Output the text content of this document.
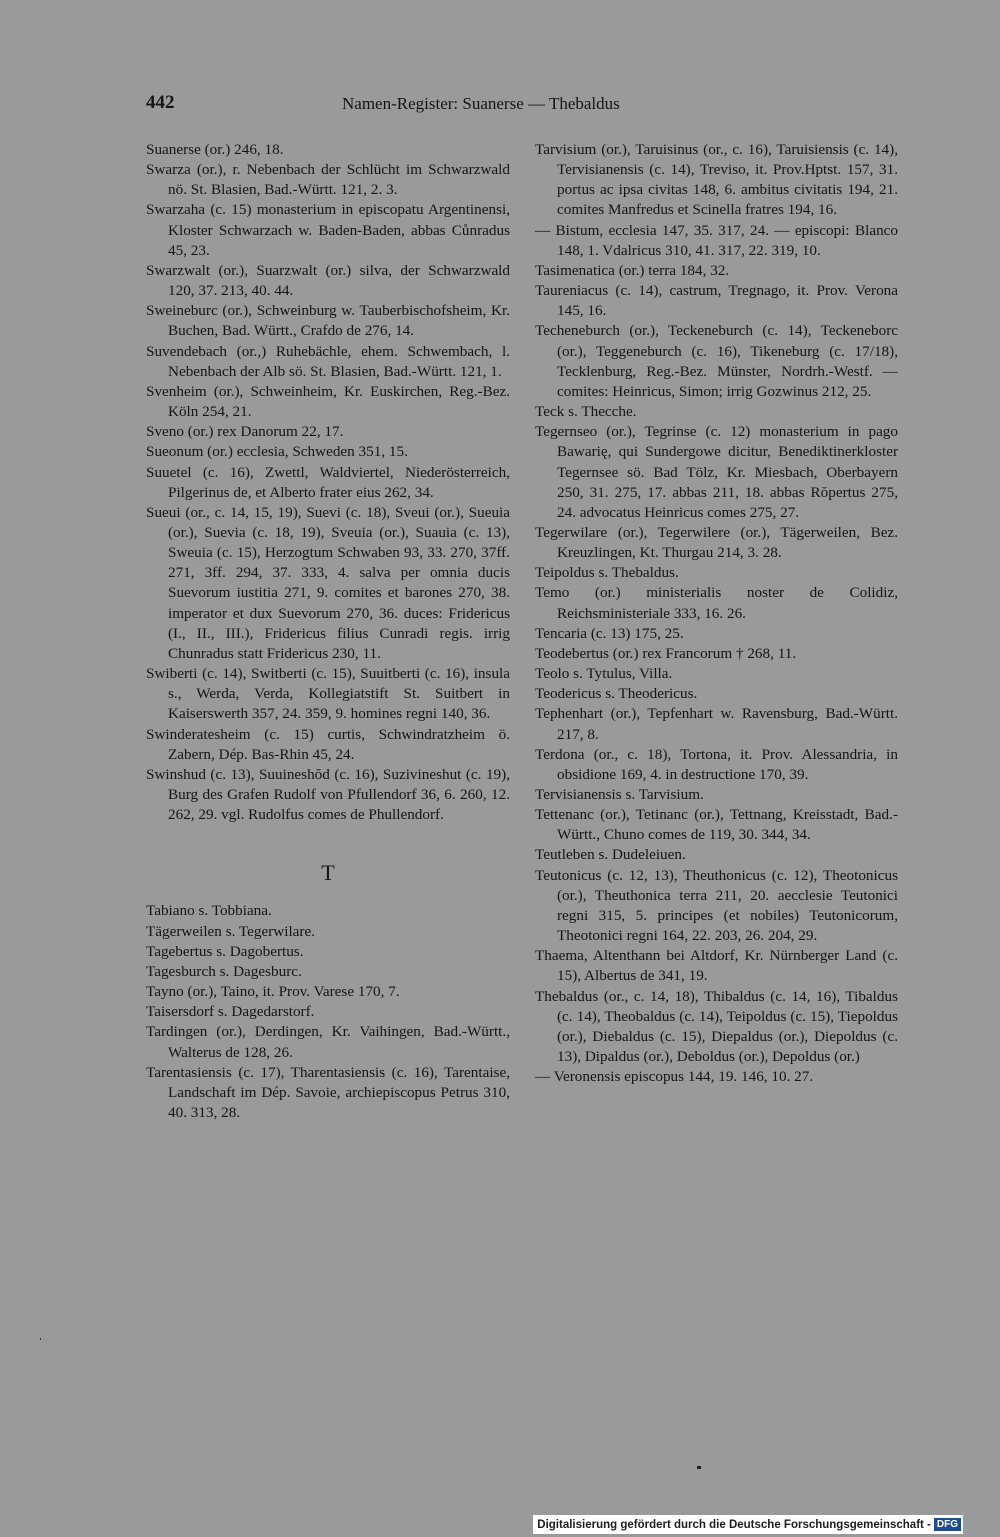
442	Namen-Register: Suanerse — Thebaldus
Suanerse (or.) 246, 18.
Swarza (or.), r. Nebenbach der Schlücht im Schwarzwald nö. St. Blasien, Bad.-Württ. 121, 2. 3.
Swarzaha (c. 15) monasterium in episcopatu Argentinensi, Kloster Schwarzach w. Baden-Baden, abbas Cůnradus 45, 23.
Swarzwalt (or.), Suarzwalt (or.) silva, der Schwarzwald 120, 37. 213, 40. 44.
Sweineburc (or.), Schweinburg w. Tauberbischofsheim, Kr. Buchen, Bad. Württ., Crafdo de 276, 14.
Suvendebach (or.,) Ruhebächle, ehem. Schwembach, l. Nebenbach der Alb sö. St. Blasien, Bad.-Württ. 121, 1.
Svenheim (or.), Schweinheim, Kr. Euskirchen, Reg.-Bez. Köln 254, 21.
Sveno (or.) rex Danorum 22, 17.
Sueonum (or.) ecclesia, Schweden 351, 15.
Suuetel (c. 16), Zwettl, Waldviertel, Niederösterreich, Pilgerinus de, et Alberto frater eius 262, 34.
Sueui (or., c. 14, 15, 19), Suevi (c. 18), Sveui (or.), Sueuia (or.), Suevia (c. 18, 19), Sveuia (or.), Suauia (c. 13), Sweuia (c. 15), Herzogtum Schwaben 93, 33. 270, 37ff. 271, 3ff. 294, 37. 333, 4. salva per omnia ducis Suevorum iustitia 271, 9. comites et barones 270, 38. imperator et dux Suevorum 270, 36. duces: Fridericus (I., II., III.), Fridericus filius Cunradi regis. irrig Chunradus statt Fridericus 230, 11.
Swiberti (c. 14), Switberti (c. 15), Suuitberti (c. 16), insula s., Werda, Verda, Kollegiatstift St. Suitbert in Kaiserswerth 357, 24. 359, 9. homines regni 140, 36.
Swinderatesheim (c. 15) curtis, Schwindratzheim ö. Zabern, Dép. Bas-Rhin 45, 24.
Swinshud (c. 13), Suuineshŏd (c. 16), Suzivineshut (c. 19), Burg des Grafen Rudolf von Pfullendorf 36, 6. 260, 12. 262, 29. vgl. Rudolfus comes de Phullendorf.
T
Tabiano s. Tobbiana.
Tägerweilen s. Tegerwilare.
Tagebertus s. Dagobertus.
Tagesburch s. Dagesburc.
Tayno (or.), Taino, it. Prov. Varese 170, 7.
Taisersdorf s. Dagedarstorf.
Tardingen (or.), Derdingen, Kr. Vaihingen, Bad.-Württ., Walterus de 128, 26.
Tarentasiensis (c. 17), Tharentasiensis (c. 16), Tarentaise, Landschaft im Dép. Savoie, archiepiscopus Petrus 310, 40. 313, 28.
Tarvisium (or.), Taruisinus (or., c. 16), Taruisiensis (c. 14), Tervisianensis (c. 14), Treviso, it. Prov.Hptst. 157, 31. portus ac ipsa civitas 148, 6. ambitus civitatis 194, 21. comites Manfredus et Scinella fratres 194, 16.
— Bistum, ecclesia 147, 35. 317, 24. — episcopi: Blanco 148, 1. Vdalricus 310, 41. 317, 22. 319, 10.
Tasimenatica (or.) terra 184, 32.
Taureniacus (c. 14), castrum, Tregnago, it. Prov. Verona 145, 16.
Techeneburch (or.), Teckeneburch (c. 14), Teckeneborc (or.), Teggeneburch (c. 16), Tikeneburg (c. 17/18), Tecklenburg, Reg.-Bez. Münster, Nordrh.-Westf. — comites: Heinricus, Simon; irrig Gozwinus 212, 25.
Teck s. Thecche.
Tegernseo (or.), Tegrinse (c. 12) monasterium in pago Bawarię, qui Sundergowe dicitur, Benediktinerkloster Tegernsee sö. Bad Tölz, Kr. Miesbach, Oberbayern 250, 31. 275, 17. abbas 211, 18. abbas Rŏpertus 275, 24. advocatus Heinricus comes 275, 27.
Tegerwilare (or.), Tegerwilere (or.), Tägerweilen, Bez. Kreuzlingen, Kt. Thurgau 214, 3. 28.
Teipoldus s. Thebaldus.
Temo (or.) ministerialis noster de Colidiz, Reichsministeriale 333, 16. 26.
Tencaria (c. 13) 175, 25.
Teodebertus (or.) rex Francorum † 268, 11.
Teolo s. Tytulus, Villa.
Teodericus s. Theodericus.
Tephenhart (or.), Tepfenhart w. Ravensburg, Bad.-Württ. 217, 8.
Terdona (or., c. 18), Tortona, it. Prov. Alessandria, in obsidione 169, 4. in destructione 170, 39.
Tervisianensis s. Tarvisium.
Tettenanc (or.), Tetinanc (or.), Tettnang, Kreisstadt, Bad.-Württ., Chuno comes de 119, 30. 344, 34.
Teutleben s. Dudeleiuen.
Teutonicus (c. 12, 13), Theuthonicus (c. 12), Theotonicus (or.), Theuthonica terra 211, 20. aecclesie Teutonici regni 315, 5. principes (et nobiles) Teutonicorum, Theotonici regni 164, 22. 203, 26. 204, 29.
Thaema, Altenthann bei Altdorf, Kr. Nürnberger Land (c. 15), Albertus de 341, 19.
Thebaldus (or., c. 14, 18), Thibaldus (c. 14, 16), Tibaldus (c. 14), Theobaldus (c. 14), Teipoldus (c. 15), Tiepoldus (or.), Diebaldus (c. 15), Diepaldus (or.), Diepoldus (c. 13), Dipaldus (or.), Deboldus (or.), Depoldus (or.)
— Veronensis episcopus 144, 19. 146, 10. 27.
Digitalisierung gefördert durch die Deutsche Forschungsgemeinschaft - DFG
